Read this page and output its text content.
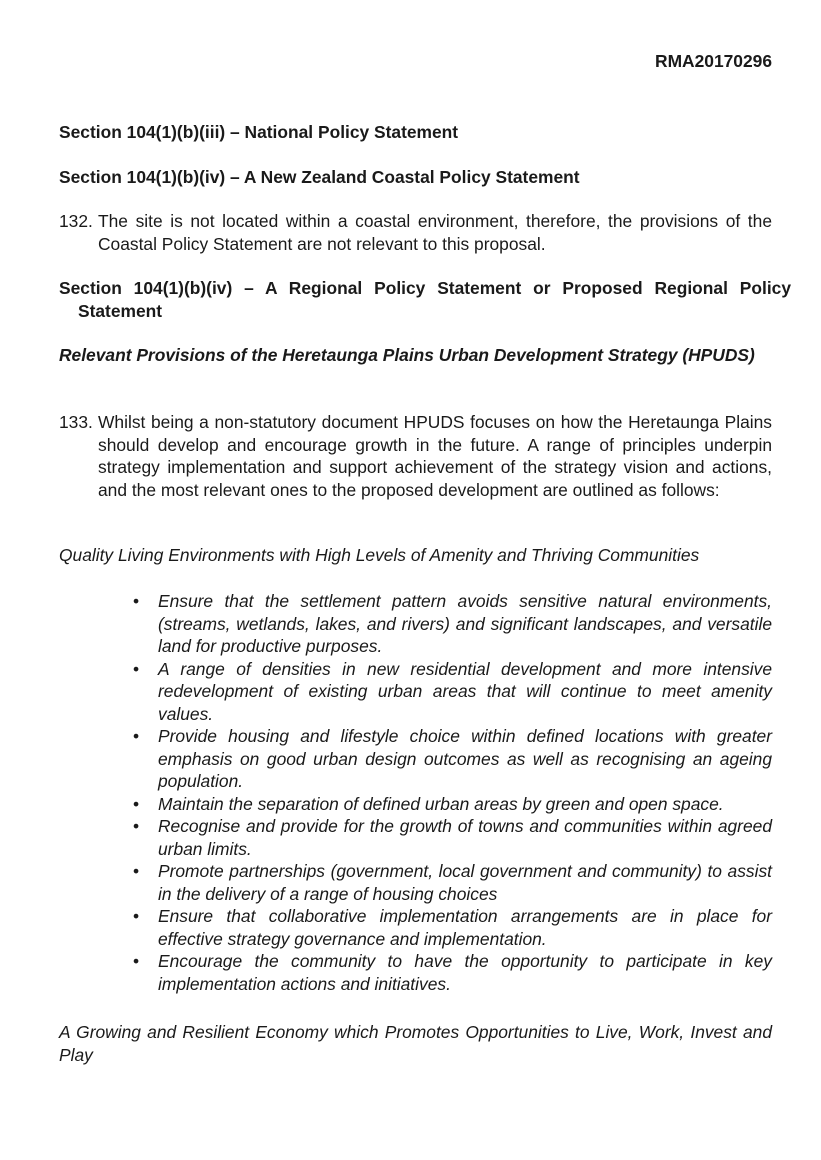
RMA20170296
Section 104(1)(b)(iii) – National Policy Statement
Section 104(1)(b)(iv) – A New Zealand Coastal Policy Statement
132. The site is not located within a coastal environment, therefore, the provisions of the Coastal Policy Statement are not relevant to this proposal.
Section 104(1)(b)(iv) – A Regional Policy Statement or Proposed Regional Policy Statement
Relevant Provisions of the Heretaunga Plains Urban Development Strategy (HPUDS)
133. Whilst being a non-statutory document HPUDS focuses on how the Heretaunga Plains should develop and encourage growth in the future. A range of principles underpin strategy implementation and support achievement of the strategy vision and actions, and the most relevant ones to the proposed development are outlined as follows:
Quality Living Environments with High Levels of Amenity and Thriving Communities
• Ensure that the settlement pattern avoids sensitive natural environments, (streams, wetlands, lakes, and rivers) and significant landscapes, and versatile land for productive purposes.
• A range of densities in new residential development and more intensive redevelopment of existing urban areas that will continue to meet amenity values.
• Provide housing and lifestyle choice within defined locations with greater emphasis on good urban design outcomes as well as recognising an ageing population.
• Maintain the separation of defined urban areas by green and open space.
• Recognise and provide for the growth of towns and communities within agreed urban limits.
• Promote partnerships (government, local government and community) to assist in the delivery of a range of housing choices
• Ensure that collaborative implementation arrangements are in place for effective strategy governance and implementation.
• Encourage the community to have the opportunity to participate in key implementation actions and initiatives.
A Growing and Resilient Economy which Promotes Opportunities to Live, Work, Invest and Play
